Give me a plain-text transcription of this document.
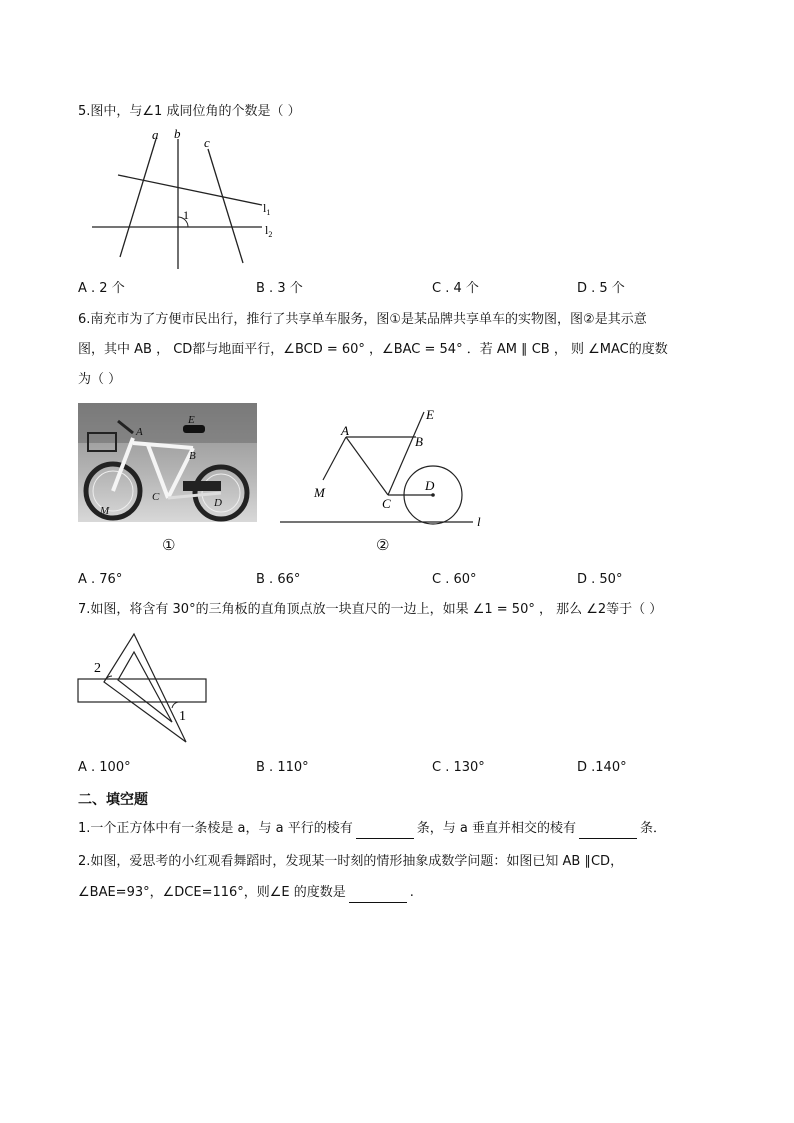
5.图中，与∠1 成同位角的个数是（ ）
a b
c
$l_1$
$l_2$
1
A . 2 个	B . 3 个	C . 4 个	D . 5 个
6.南充市为了方便市民出行，推行了共享单车服务，图①是某品牌共享单车的实物图，图②是其示意
图，其中 AB ， CD都与地面平行，∠BCD = 60° ，∠BAC = 54° ．若 AM ∥ CB ， 则 ∠MAC的度数
为（ ）
A
E
B
C	D
M
①
E
A
B
D
M
C
l
②
A . 76°	B . 66°	C . 60°	D . 50°
7.如图，将含有 30°的三角板的直角顶点放一块直尺的一边上，如果 ∠1 = 50° ， 那么 ∠2等于（ ）
2
1
A . 100°	B . 110°	C . 130°	D .140°
二、填空题
1.一个正方体中有一条棱是 a，与 a 平行的棱有	条，与 a 垂直并相交的棱有	条．
2.如图，爱思考的小红观看舞蹈时，发现某一时刻的情形抽象成数学问题：如图已知 AB ∥CD，
∠BAE=93°，∠DCE=116°，则∠E 的度数是	.
